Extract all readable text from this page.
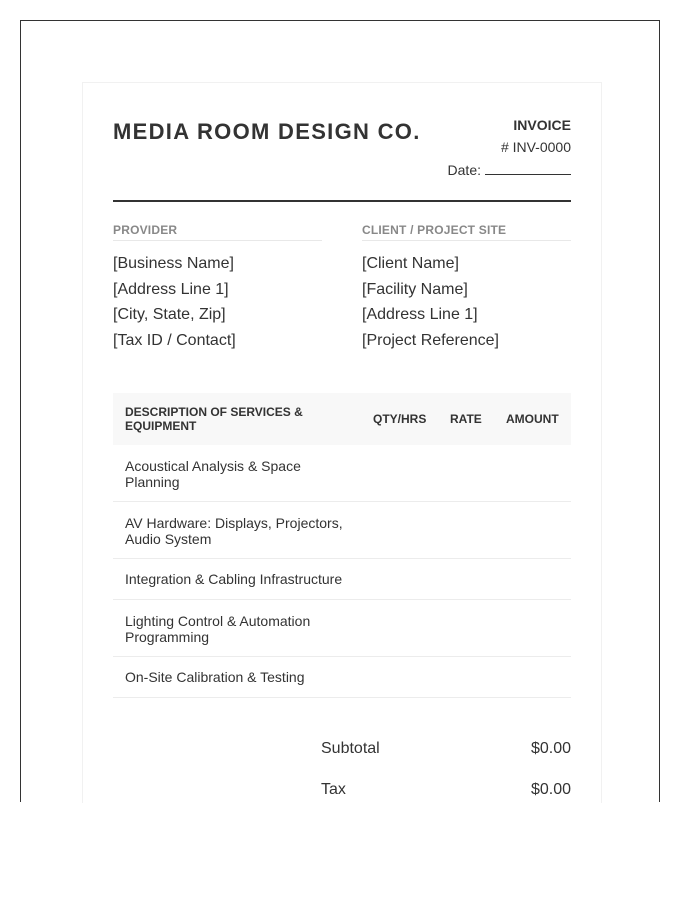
MEDIA ROOM DESIGN CO.	INVOICE
# INV-0000
Date:
PROVIDER
[Business Name]
[Address Line 1]
[City, State, Zip]
[Tax ID / Contact]
CLIENT / PROJECT SITE
[Client Name]
[Facility Name]
[Address Line 1]
[Project Reference]
DESCRIPTION OF SERVICES & EQUIPMENT	QTY/HRS RATE AMOUNT
Acoustical Analysis & Space Planning
AV Hardware: Displays, Projectors, Audio System
Integration & Cabling Infrastructure
Lighting Control & Automation Programming
On-Site Calibration & Testing
Subtotal	$0.00
Tax	$0.00
